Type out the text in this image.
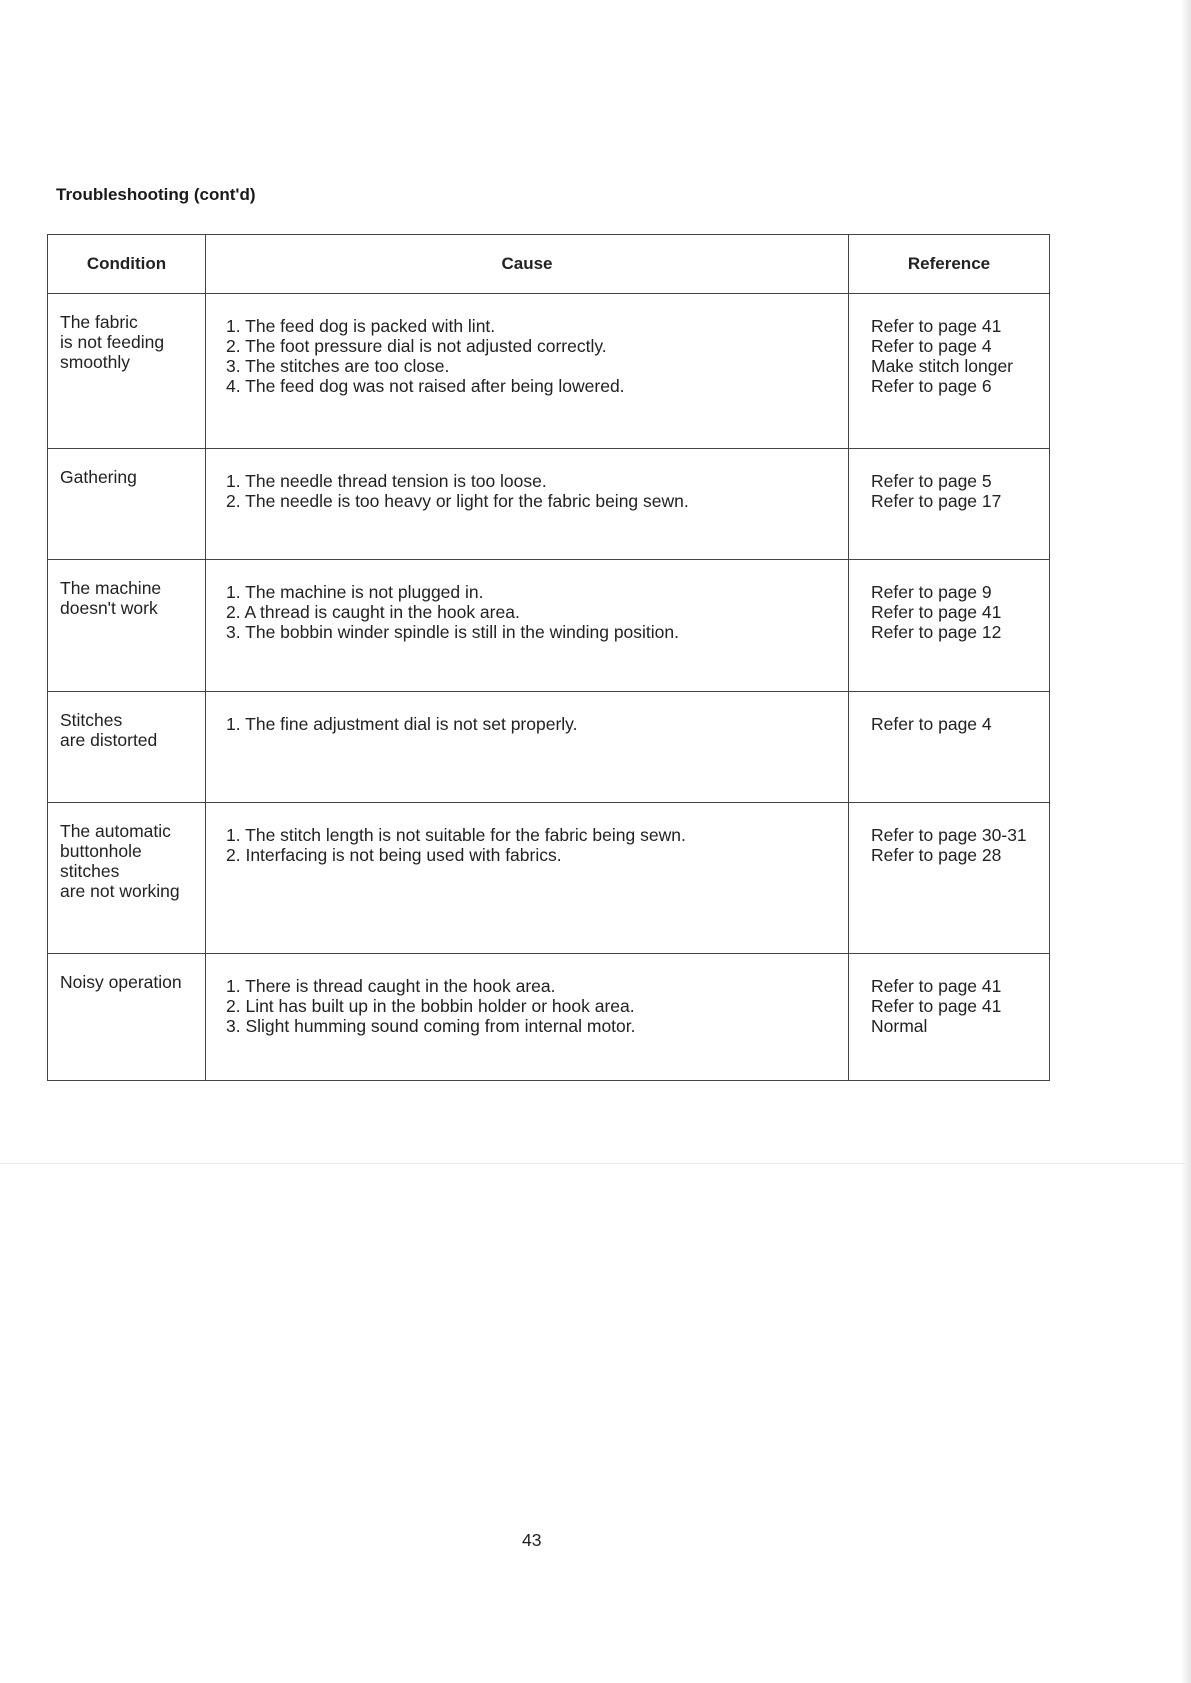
Troubleshooting (cont'd)
Condition	Cause	Reference

The fabric
is not feeding
smoothly	1. The feed dog is packed with lint.
2. The foot pressure dial is not adjusted correctly.
3. The stitches are too close.
4. The feed dog was not raised after being lowered.	Refer to page 41
Refer to page 4
Make stitch longer
Refer to page 6

Gathering	1. The needle thread tension is too loose.
2. The needle is too heavy or light for the fabric being sewn.	Refer to page 5
Refer to page 17

The machine
doesn't work	1. The machine is not plugged in.
2. A thread is caught in the hook area.
3. The bobbin winder spindle is still in the winding position.	Refer to page 9
Refer to page 41
Refer to page 12

Stitches
are distorted	1. The fine adjustment dial is not set properly.	Refer to page 4

The automatic
buttonhole
stitches
are not working	1. The stitch length is not suitable for the fabric being sewn.
2. Interfacing is not being used with fabrics.	Refer to page 30-31
Refer to page 28

Noisy operation	1. There is thread caught in the hook area.
2. Lint has built up in the bobbin holder or hook area.
3. Slight humming sound coming from internal motor.	Refer to page 41
Refer to page 41
Normal
43
